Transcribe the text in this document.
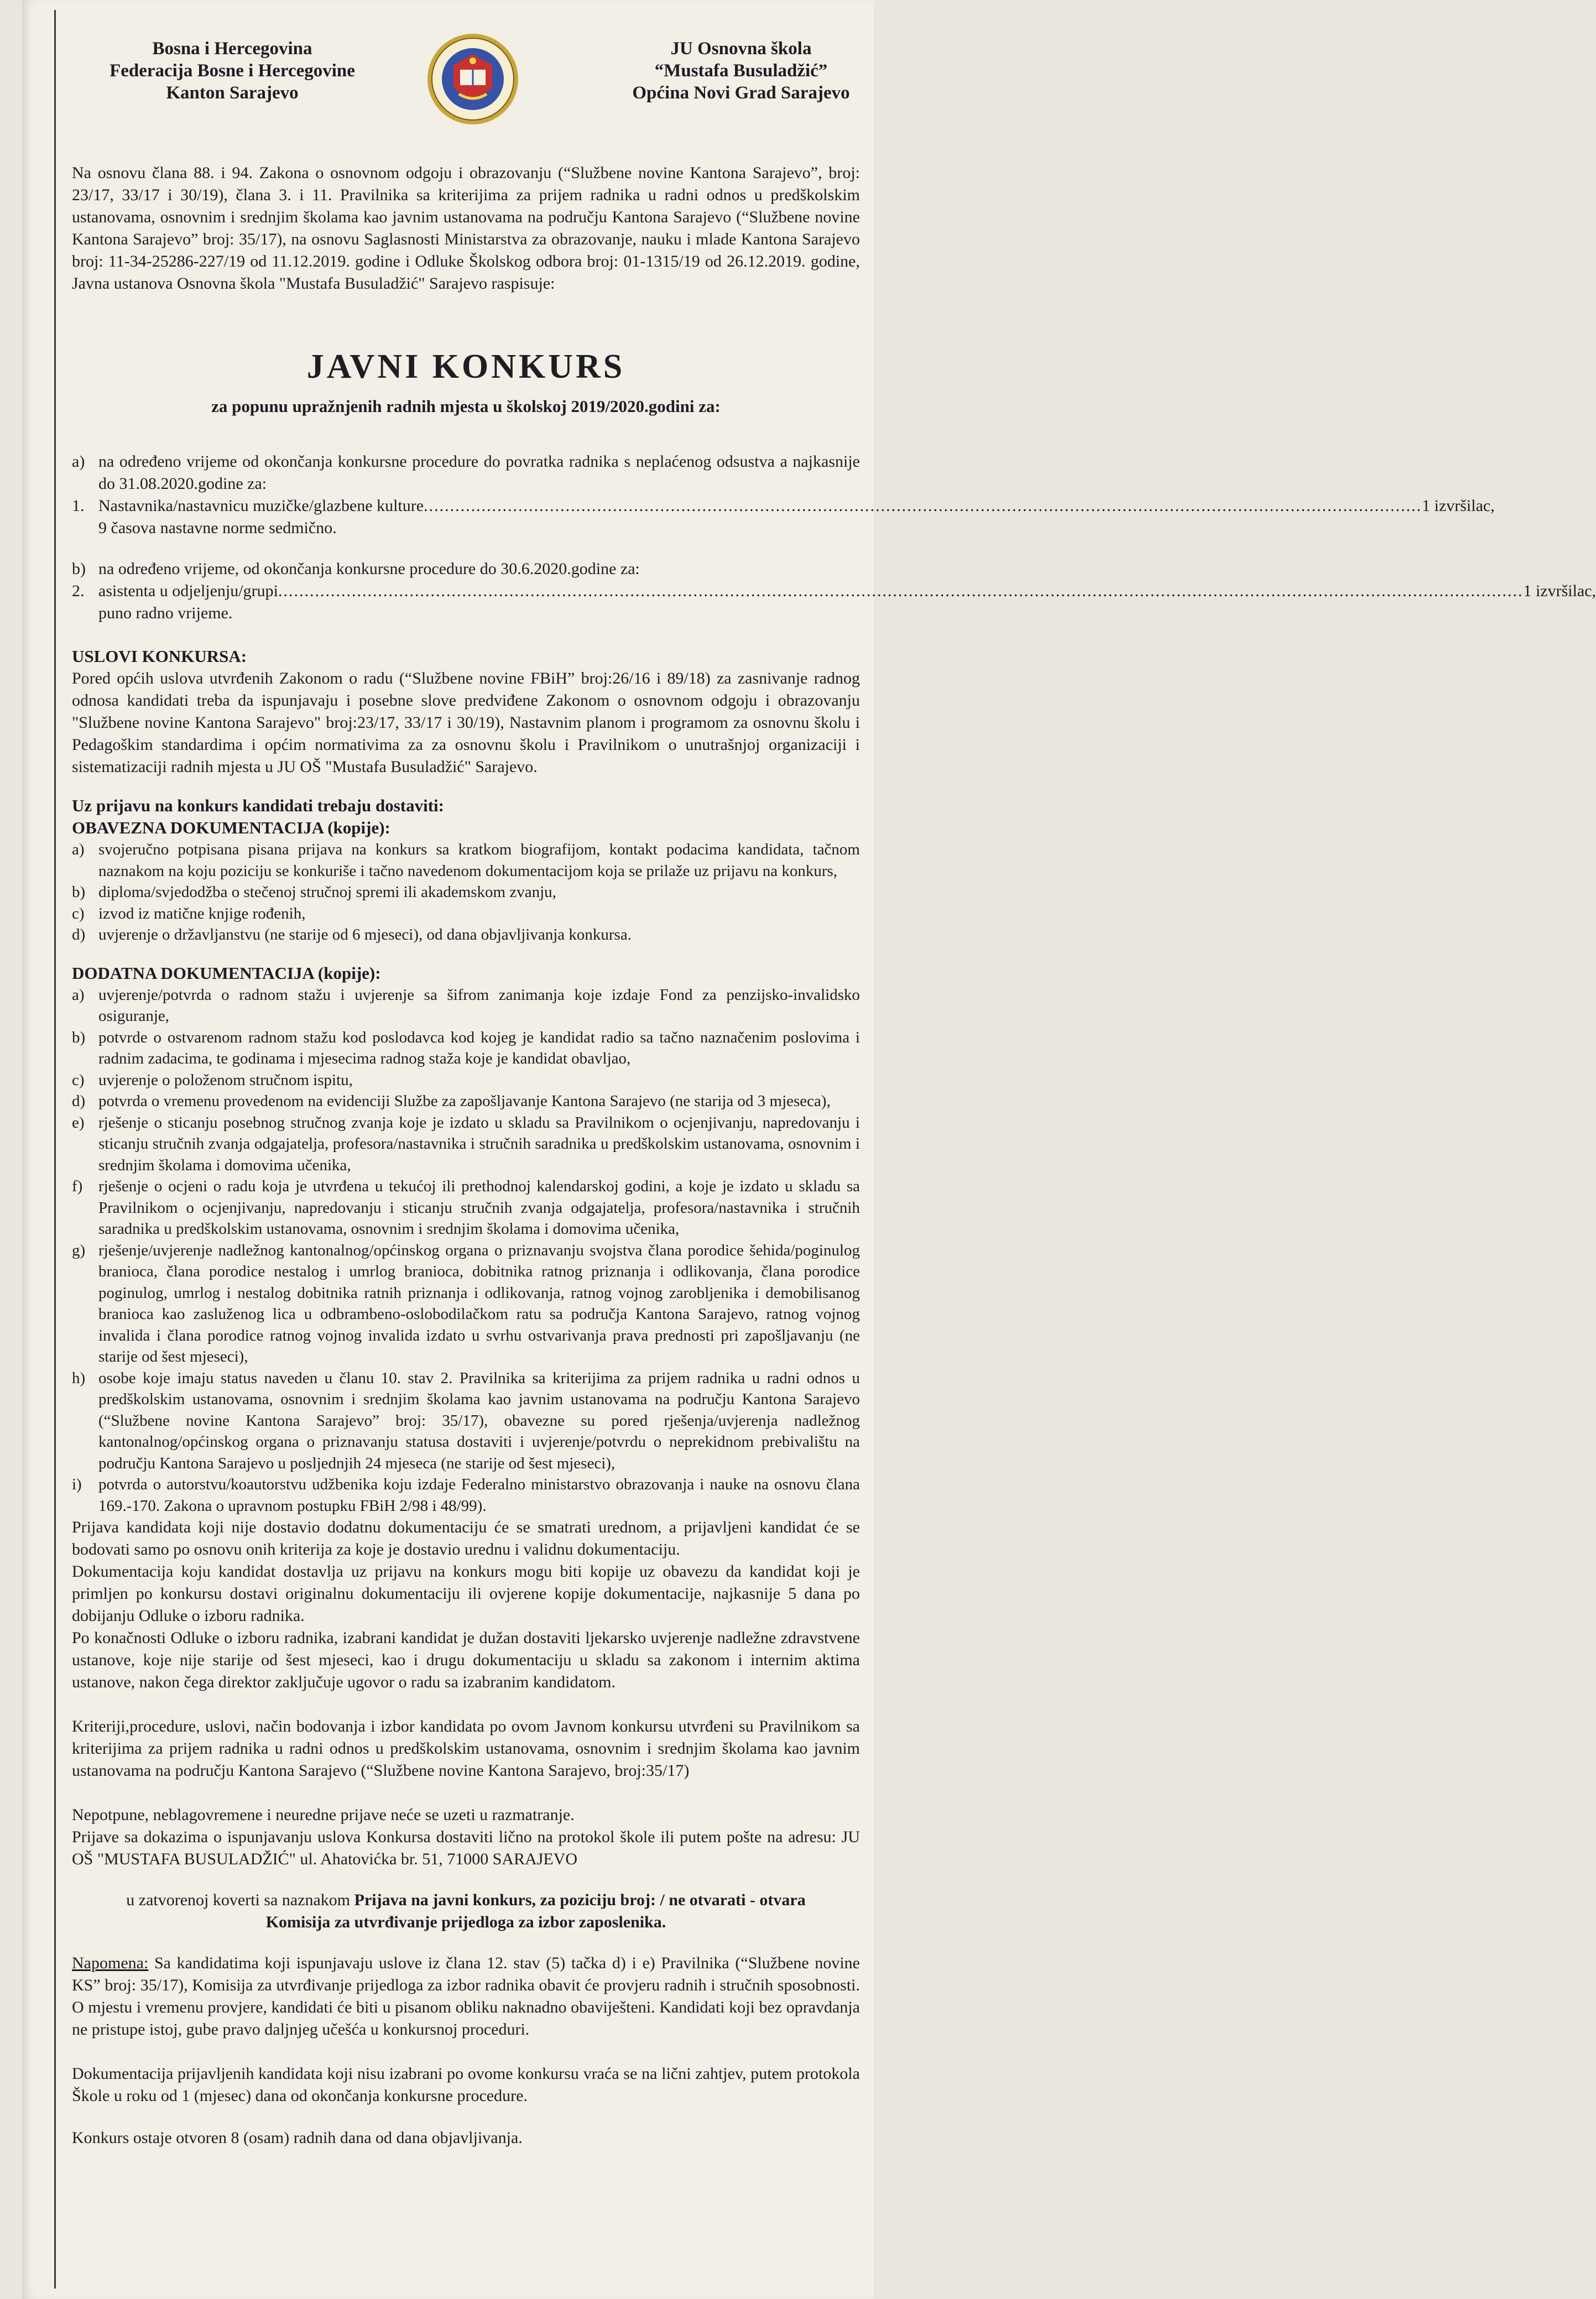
Bosna i Hercegovina
Federacija Bosne i Hercegovine
Kanton Sarajevo
JU Osnovna škola
“Mustafa Busuladžić”
Općina Novi Grad Sarajevo
Na osnovu člana 88. i 94. Zakona o osnovnom odgoju i obrazovanju (“Službene novine Kantona Sarajevo”, broj: 23/17, 33/17 i 30/19), člana 3. i 11. Pravilnika sa kriterijima za prijem radnika u radni odnos u predškolskim ustanovama, osnovnim i srednjim školama kao javnim ustanovama na području Kantona Sarajevo (“Službene novine Kantona Sarajevo” broj: 35/17), na osnovu Saglasnosti Ministarstva za obrazovanje, nauku i mlade Kantona Sarajevo broj: 11-34-25286-227/19 od 11.12.2019. godine i Odluke Školskog odbora broj: 01-1315/19 od 26.12.2019. godine, Javna ustanova Osnovna škola "Mustafa Busuladžić" Sarajevo raspisuje:
JAVNI KONKURS
za popunu upražnjenih radnih mjesta u školskoj 2019/2020.godini za:
a) na određeno vrijeme od okončanja konkursne procedure do povratka radnika s neplaćenog odsustva a najkasnije do 31.08.2020.godine za:
1. Nastavnika/nastavnicu muzičke/glazbene kulture .............................................................................................................................................................................................. 1 izvršilac,
9 časova nastavne norme sedmično.
b) na određeno vrijeme, od okončanja konkursne procedure do 30.6.2020.godine za:
2. asistenta u odjeljenju/grupi ............................................................................................................................................................................................................................................. 1 izvršilac,
puno radno vrijeme.
USLOVI KONKURSA:
Pored općih uslova utvrđenih Zakonom o radu (“Službene novine FBiH” broj:26/16 i 89/18) za zasnivanje radnog odnosa kandidati treba da ispunjavaju i posebne slove predviđene Zakonom o osnovnom odgoju i obrazovanju "Službene novine Kantona Sarajevo" broj:23/17, 33/17 i 30/19), Nastavnim planom i programom za osnovnu školu i Pedagoškim standardima i općim normativima za za osnovnu školu i Pravilnikom o unutrašnjoj organizaciji i sistematizaciji radnih mjesta u JU OŠ "Mustafa Busuladžić" Sarajevo.
Uz prijavu na konkurs kandidati trebaju dostaviti:
OBAVEZNA DOKUMENTACIJA (kopije):
a) svojeručno potpisana pisana prijava na konkurs sa kratkom biografijom, kontakt podacima kandidata, tačnom naznakom na koju poziciju se konkuriše i tačno navedenom dokumentacijom koja se prilaže uz prijavu na konkurs,
b) diploma/svjedodžba o stečenoj stručnoj spremi ili akademskom zvanju,
c) izvod iz matične knjige rođenih,
d) uvjerenje o državljanstvu (ne starije od 6 mjeseci), od dana objavljivanja konkursa.
DODATNA DOKUMENTACIJA (kopije):
a) uvjerenje/potvrda o radnom stažu i uvjerenje sa šifrom zanimanja koje izdaje Fond za penzijsko-invalidsko osiguranje,
b) potvrde o ostvarenom radnom stažu kod poslodavca kod kojeg je kandidat radio sa tačno naznačenim poslovima i radnim zadacima, te godinama i mjesecima radnog staža koje je kandidat obavljao,
c) uvjerenje o položenom stručnom ispitu,
d) potvrda o vremenu provedenom na evidenciji Službe za zapošljavanje Kantona Sarajevo (ne starija od 3 mjeseca),
e) rješenje o sticanju posebnog stručnog zvanja koje je izdato u skladu sa Pravilnikom o ocjenjivanju, napredovanju i sticanju stručnih zvanja odgajatelja, profesora/nastavnika i stručnih saradnika u predškolskim ustanovama, osnovnim i srednjim školama i domovima učenika,
f) rješenje o ocjeni o radu koja je utvrđena u tekućoj ili prethodnoj kalendarskoj godini, a koje je izdato u skladu sa Pravilnikom o ocjenjivanju, napredovanju i sticanju stručnih zvanja odgajatelja, profesora/nastavnika i stručnih saradnika u predškolskim ustanovama, osnovnim i srednjim školama i domovima učenika,
g) rješenje/uvjerenje nadležnog kantonalnog/općinskog organa o priznavanju svojstva člana porodice šehida/poginulog branioca, člana porodice nestalog i umrlog branioca, dobitnika ratnog priznanja i odlikovanja, člana porodice poginulog, umrlog i nestalog dobitnika ratnih priznanja i odlikovanja, ratnog vojnog zarobljenika i demobilisanog branioca kao zasluženog lica u odbrambeno-oslobodilačkom ratu sa područja Kantona Sarajevo, ratnog vojnog invalida i člana porodice ratnog vojnog invalida izdato u svrhu ostvarivanja prava prednosti pri zapošljavanju (ne starije od šest mjeseci),
h) osobe koje imaju status naveden u članu 10. stav 2. Pravilnika sa kriterijima za prijem radnika u radni odnos u predškolskim ustanovama, osnovnim i srednjim školama kao javnim ustanovama na području Kantona Sarajevo (“Službene novine Kantona Sarajevo” broj: 35/17), obavezne su pored rješenja/uvjerenja nadležnog kantonalnog/općinskog organa o priznavanju statusa dostaviti i uvjerenje/potvrdu o neprekidnom prebivalištu na području Kantona Sarajevo u posljednjih 24 mjeseca (ne starije od šest mjeseci),
i)	potvrda o autorstvu/koautorstvu udžbenika koju izdaje Federalno ministarstvo obrazovanja i nauke na osnovu člana 169.-170. Zakona o upravnom postupku FBiH 2/98 i 48/99).
Prijava kandidata koji nije dostavio dodatnu dokumentaciju će se smatrati urednom, a prijavljeni kandidat će se bodovati samo po osnovu onih kriterija za koje je dostavio urednu i validnu dokumentaciju.
Dokumentacija koju kandidat dostavlja uz prijavu na konkurs mogu biti kopije uz obavezu da kandidat koji je primljen po konkursu dostavi originalnu dokumentaciju ili ovjerene kopije dokumentacije, najkasnije 5 dana po dobijanju Odluke o izboru radnika.
Po konačnosti Odluke o izboru radnika, izabrani kandidat je dužan dostaviti ljekarsko uvjerenje nadležne zdravstvene ustanove, koje nije starije od šest mjeseci, kao i drugu dokumentaciju u skladu sa zakonom i internim aktima ustanove, nakon čega direktor zaključuje ugovor o radu sa izabranim kandidatom.
Kriteriji,procedure, uslovi, način bodovanja i izbor kandidata po ovom Javnom konkursu utvrđeni su Pravilnikom sa kriterijima za prijem radnika u radni odnos u predškolskim ustanovama, osnovnim i srednjim školama kao javnim ustanovama na području Kantona Sarajevo (“Službene novine Kantona Sarajevo, broj:35/17)
Nepotpune, neblagovremene i neuredne prijave neće se uzeti u razmatranje.
Prijave sa dokazima o ispunjavanju uslova Konkursa dostaviti lično na protokol škole ili putem pošte na adresu: JU OŠ "MUSTAFA BUSULADŽIĆ" ul. Ahatovićka br. 51, 71000 SARAJEVO
u zatvorenoj koverti sa naznakom Prijava na javni konkurs, za poziciju broj: / ne otvarati - otvara Komisija za utvrđivanje prijedloga za izbor zaposlenika.
Napomena: Sa kandidatima koji ispunjavaju uslove iz člana 12. stav (5) tačka d) i e) Pravilnika (“Službene novine KS” broj: 35/17), Komisija za utvrđivanje prijedloga za izbor radnika obavit će provjeru radnih i stručnih sposobnosti. O mjestu i vremenu provjere, kandidati će biti u pisanom obliku naknadno obaviješteni. Kandidati koji bez opravdanja ne pristupe istoj, gube pravo daljnjeg učešća u konkursnoj proceduri.
Dokumentacija prijavljenih kandidata koji nisu izabrani po ovome konkursu vraća se na lični zahtjev, putem protokola Škole u roku od 1 (mjesec) dana od okončanja konkursne procedure.
Konkurs ostaje otvoren 8 (osam) radnih dana od dana objavljivanja.
